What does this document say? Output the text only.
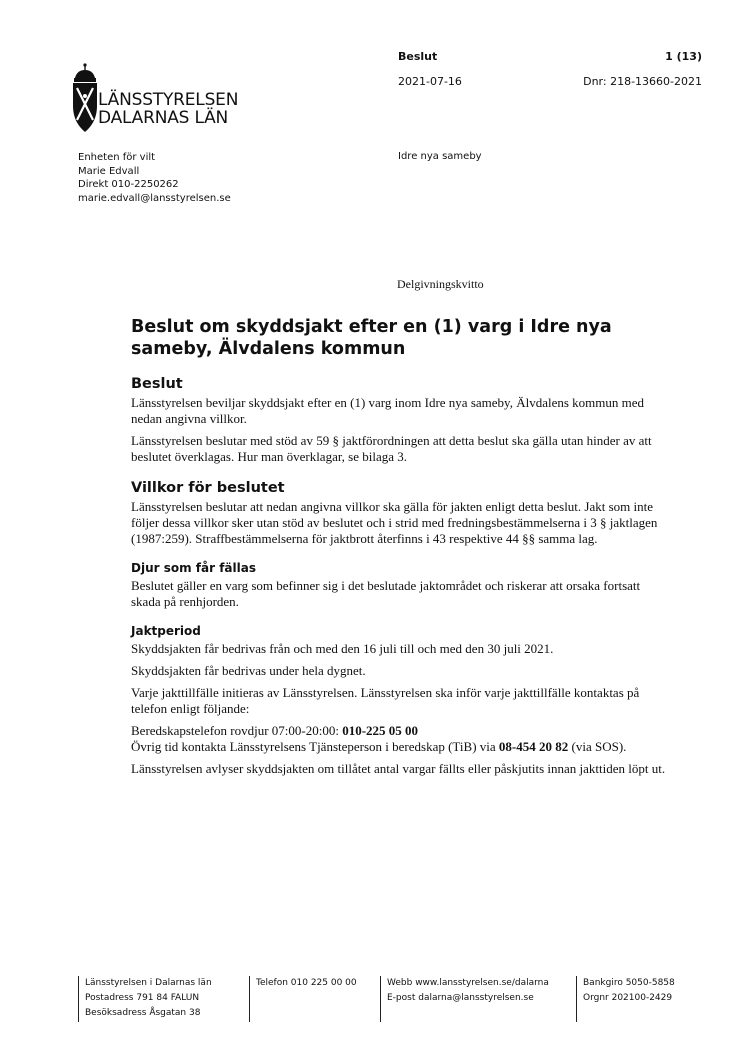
LÄNSSTYRELSEN
DALARNAS LÄN
Beslut	1 (13)
2021-07-16	Dnr: 218-13660-2021
Enheten för vilt
Marie Edvall
Direkt 010-2250262
marie.edvall@lansstyrelsen.se
Idre nya sameby
Delgivningskvitto
Beslut om skyddsjakt efter en (1) varg i Idre nya sameby, Älvdalens kommun
Beslut

Länsstyrelsen beviljar skyddsjakt efter en (1) varg inom Idre nya sameby, Älvdalens kommun med nedan angivna villkor.

Länsstyrelsen beslutar med stöd av 59 § jaktförordningen att detta beslut ska gälla utan hinder av att beslutet överklagas. Hur man överklagar, se bilaga 3.

Villkor för beslutet

Länsstyrelsen beslutar att nedan angivna villkor ska gälla för jakten enligt detta beslut. Jakt som inte följer dessa villkor sker utan stöd av beslutet och i strid med fredningsbestämmelserna i 3 § jaktlagen (1987:259). Straffbestämmelserna för jaktbrott återfinns i 43 respektive 44 §§ samma lag.

Djur som får fällas

Beslutet gäller en varg som befinner sig i det beslutade jaktområdet och riskerar att orsaka fortsatt skada på renhjorden.

Jaktperiod

Skyddsjakten får bedrivas från och med den 16 juli till och med den 30 juli 2021.

Skyddsjakten får bedrivas under hela dygnet.

Varje jakttillfälle initieras av Länsstyrelsen. Länsstyrelsen ska inför varje jakttillfälle kontaktas på telefon enligt följande:

Beredskapstelefon rovdjur 07:00-20:00: 010-225 05 00
Övrig tid kontakta Länsstyrelsens Tjänsteperson i beredskap (TiB) via 08-454 20 82 (via SOS).

Länsstyrelsen avlyser skyddsjakten om tillåtet antal vargar fällts eller påskjutits innan jakttiden löpt ut.

Länsstyrelsen i Dalarnas län
Postadress 791 84 FALUN
Besöksadress Åsgatan 38
Telefon 010 225 00 00	Webb www.lansstyrelsen.se/dalarna
E-post dalarna@lansstyrelsen.se
Bankgiro 5050-5858
Orgnr 202100-2429
